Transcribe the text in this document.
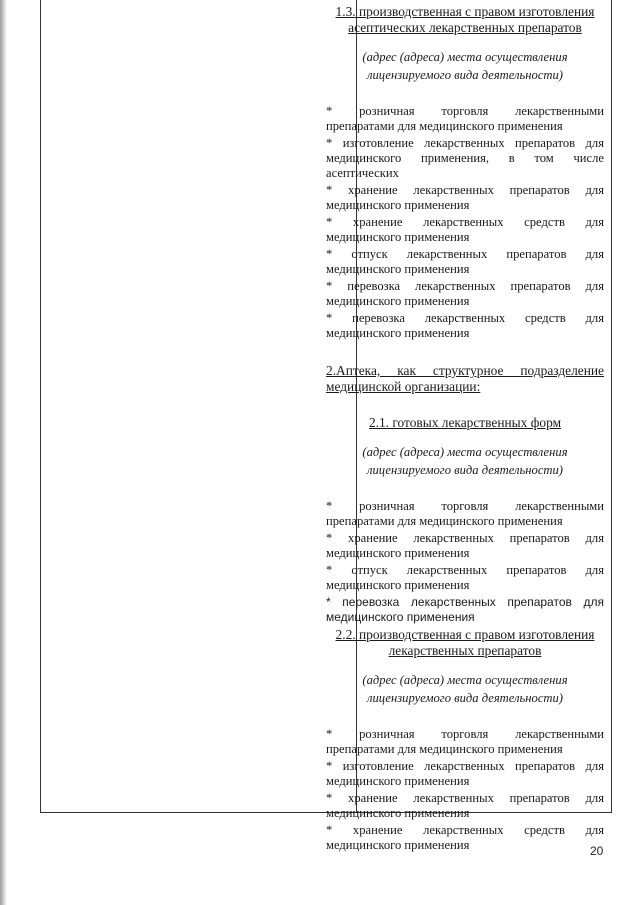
1.3. производственная с правом изготовления
асептических лекарственных препаратов
(адрес (адреса) места осуществления
лицензируемого вида деятельности)
* розничная торговля лекарственными препаратами для медицинского применения
* изготовление лекарственных препаратов для медицинского применения, в том числе асептических
* хранение лекарственных препаратов для медицинского применения
* хранение лекарственных средств для медицинского применения
* отпуск лекарственных препаратов для медицинского применения
* перевозка лекарственных препаратов для медицинского применения
* перевозка лекарственных средств для медицинского применения
2.Аптека, как структурное подразделение медицинской организации:
2.1. готовых лекарственных форм
(адрес (адреса) места осуществления
лицензируемого вида деятельности)
* розничная торговля лекарственными препаратами для медицинского применения
* хранение лекарственных препаратов для медицинского применения
* отпуск лекарственных препаратов для медицинского применения
* перевозка лекарственных препаратов для медицинского применения
2.2. производственная с правом изготовления
лекарственных препаратов
(адрес (адреса) места осуществления
лицензируемого вида деятельности)
* розничная торговля лекарственными препаратами для медицинского применения
* изготовление лекарственных препаратов для медицинского применения
* хранение лекарственных препаратов для медицинского применения
* хранение лекарственных средств для медицинского применения	20
